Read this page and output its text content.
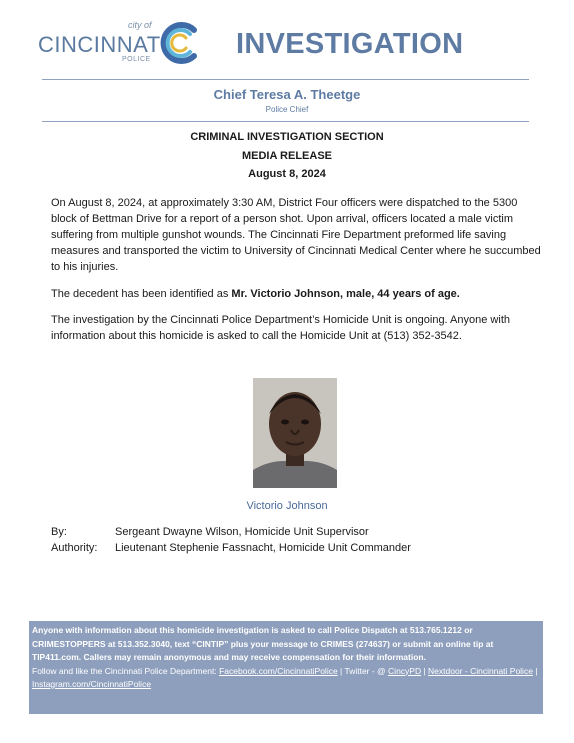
city of
CINCINNATI
POLICE	INVESTIGATION
Chief Teresa A. Theetge
Police Chief
CRIMINAL INVESTIGATION SECTION
MEDIA RELEASE
August 8, 2024
On August 8, 2024, at approximately 3:30 AM, District Four officers were dispatched to the 5300 block of Bettman Drive for a report of a person shot. Upon arrival, officers located a male victim suffering from multiple gunshot wounds. The Cincinnati Fire Department preformed life saving measures and transported the victim to University of Cincinnati Medical Center where he succumbed to his injuries.
The decedent has been identified as Mr. Victorio Johnson, male, 44 years of age.
The investigation by the Cincinnati Police Department’s Homicide Unit is ongoing. Anyone with information about this homicide is asked to call the Homicide Unit at (513) 352-3542.
Victorio Johnson
By:	Sergeant Dwayne Wilson, Homicide Unit Supervisor
Authority: Lieutenant Stephenie Fassnacht, Homicide Unit Commander
Anyone with information about this homicide investigation is asked to call Police Dispatch at 513.765.1212 or CRIMESTOPPERS at 513.352.3040, text “CINTIP” plus your message to CRIMES (274637) or submit an online tip at TIP411.com. Callers may remain anonymous and may receive compensation for their information.
Follow and like the Cincinnati Police Department: Facebook.com/CincinnatiPolice | Twitter - @ CincyPD | Nextdoor - Cincinnati Police | Instagram.com/CincinnatiPolice
